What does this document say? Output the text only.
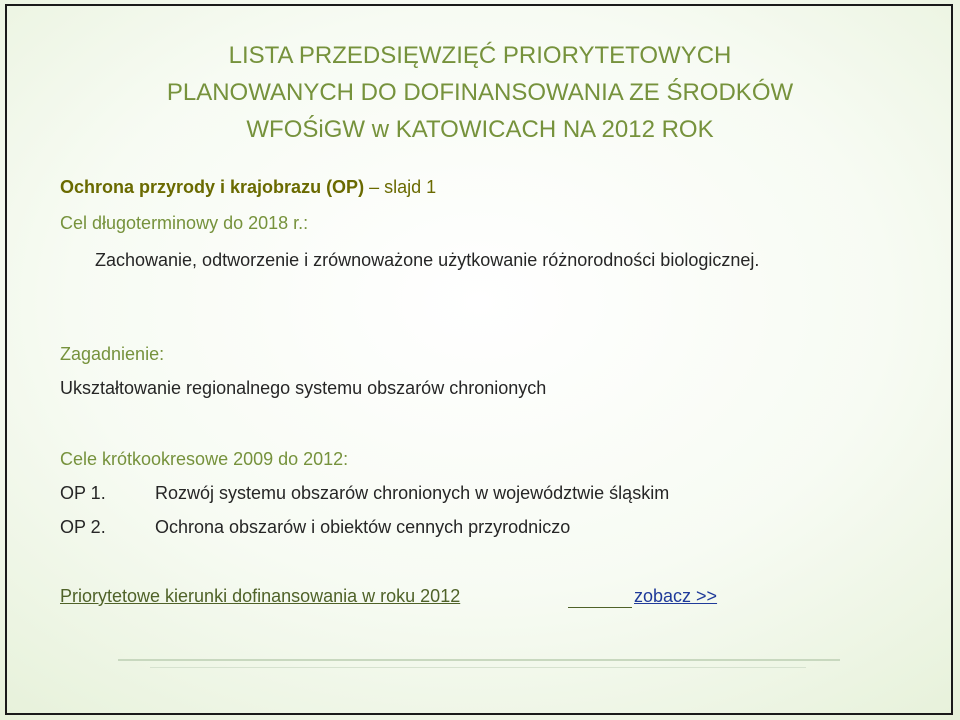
LISTA PRZEDSIĘWZIĘĆ PRIORYTETOWYCH
PLANOWANYCH DO DOFINANSOWANIA ZE ŚRODKÓW
WFOŚiGW w KATOWICACH NA 2012 ROK
Ochrona przyrody i krajobrazu (OP) – slajd 1
Cel długoterminowy do 2018 r.:
Zachowanie, odtworzenie i zrównoważone użytkowanie różnorodności biologicznej.
Zagadnienie:
Ukształtowanie regionalnego systemu obszarów chronionych
Cele krótkookresowe 2009 do 2012:
OP 1.	Rozwój systemu obszarów chronionych w województwie śląskim
OP 2.	Ochrona obszarów i obiektów cennych przyrodniczo
Priorytetowe kierunki dofinansowania w roku 2012	zobacz >>
